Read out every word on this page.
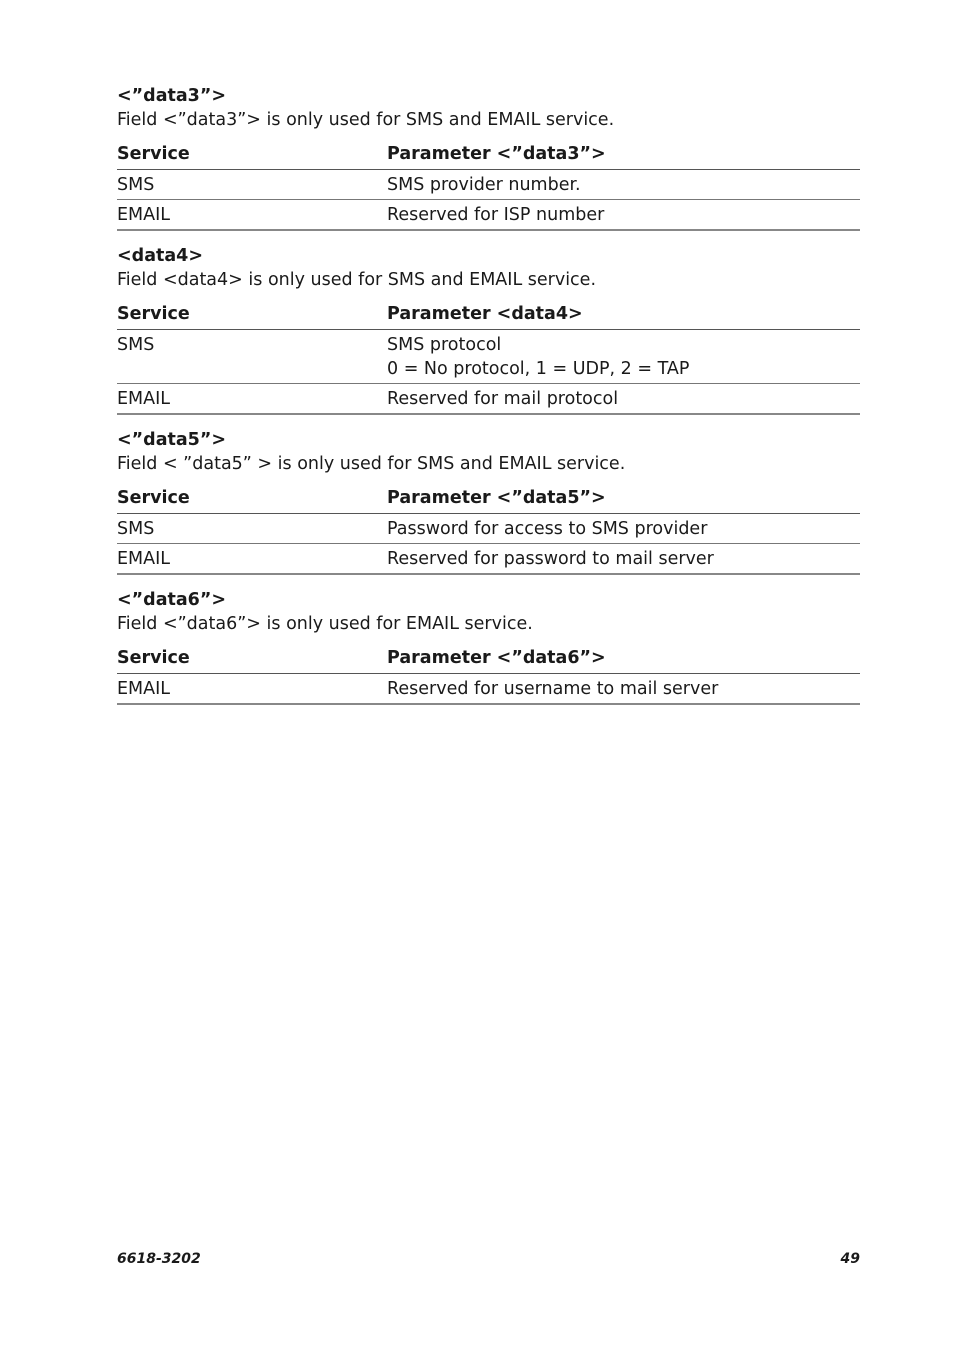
<”data3”>
Field <”data3”> is only used for SMS and EMAIL service.
Service	Parameter <”data3”>
SMS	SMS provider number.
EMAIL	Reserved for ISP number
<data4>
Field <data4> is only used for SMS and EMAIL service.
Service	Parameter <data4>
SMS	SMS protocol
0 = No protocol, 1 = UDP, 2 = TAP
EMAIL	Reserved for mail protocol
<”data5”>
Field < ”data5” > is only used for SMS and EMAIL service.
Service	Parameter <”data5”>
SMS	Password for access to SMS provider
EMAIL	Reserved for password to mail server
<”data6”>
Field <”data6”> is only used for EMAIL service.
Service	Parameter <”data6”>
EMAIL	Reserved for username to mail server
6618-3202	49
